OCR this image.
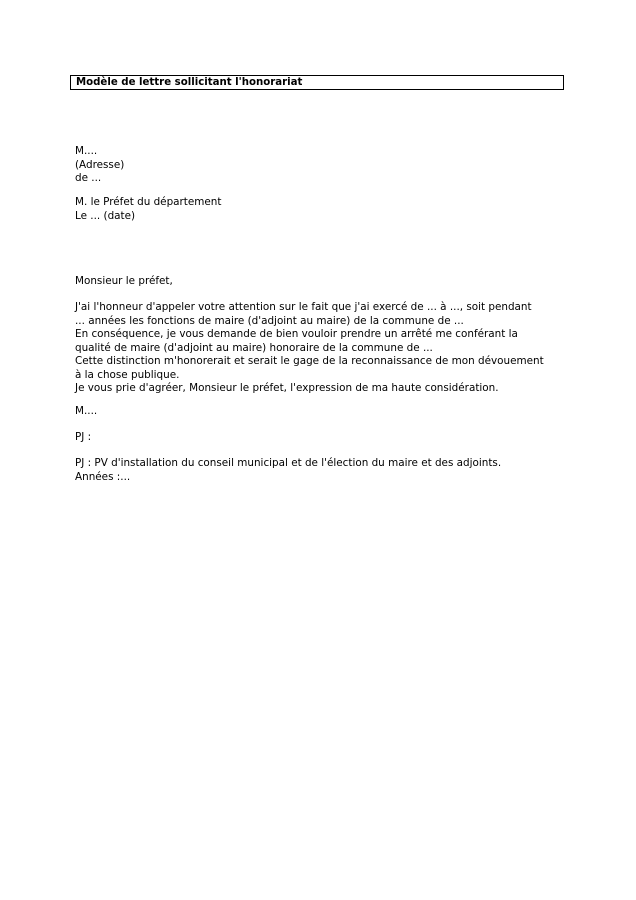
Modèle de lettre sollicitant l'honorariat
M....
(Adresse)
de ...
M. le Préfet du département
Le ... (date)
Monsieur le préfet,
J'ai l'honneur d'appeler votre attention sur le fait que j'ai exercé de ... à ..., soit pendant
... années les fonctions de maire (d'adjoint au maire) de la commune de ...
En conséquence, je vous demande de bien vouloir prendre un arrêté me conférant la
qualité de maire (d'adjoint au maire) honoraire de la commune de ...
Cette distinction m'honorerait et serait le gage de la reconnaissance de mon dévouement
à la chose publique.
Je vous prie d'agréer, Monsieur le préfet, l'expression de ma haute considération.
M....
PJ :
PJ : PV d'installation du conseil municipal et de l'élection du maire et des adjoints.
Années :...
